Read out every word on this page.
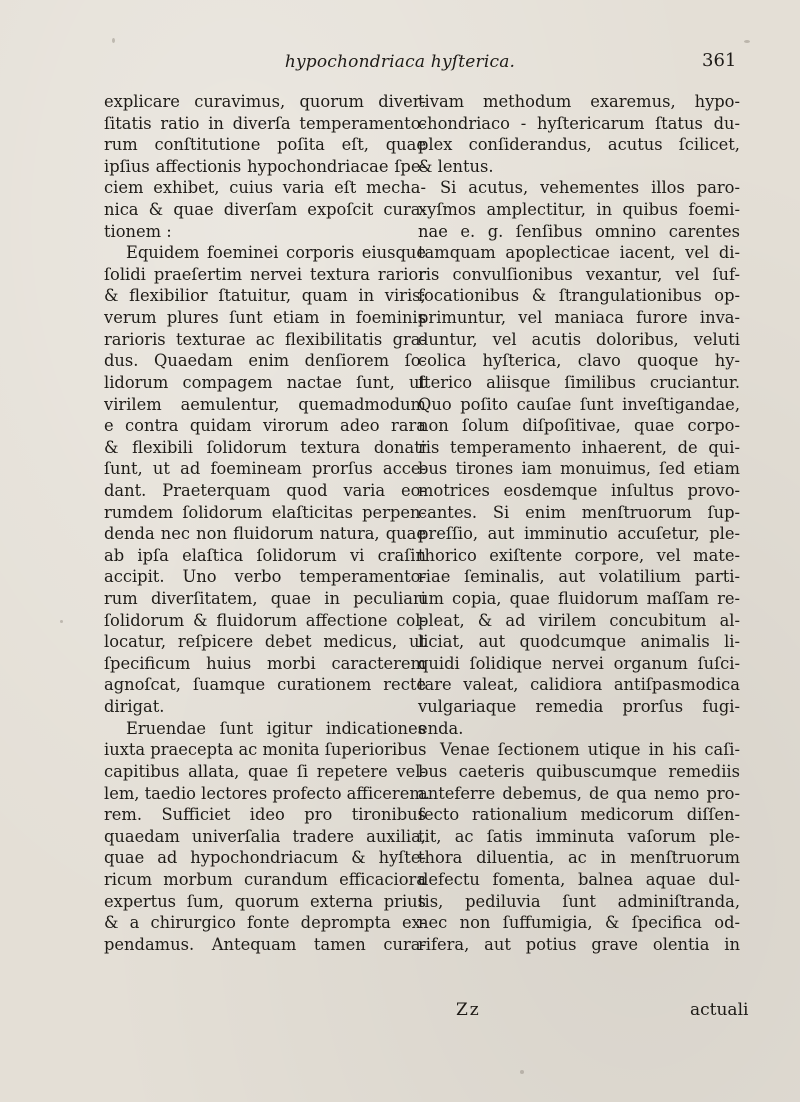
hypochondriaca hyſterica.	361
explicare curavimus, quorum diver-
ſitatis ratio in diverſa temperamento-
rum conſtitutione poſita eſt, quae
ipſius affectionis hypochondriacae ſpe-
ciem exhibet, cuius varia eſt mecha-
nica & quae diverſam expoſcit cura-
tionem :
Equidem foeminei corporis eiusque
ſolidi praeſertim nervei textura rarior
& flexibilior ſtatuitur, quam in viris;
verum plures ſunt etiam in foeminis
rarioris texturae ac flexibilitatis gra-
dus. Quaedam enim denſiorem ſo-
lidorum compagem nactae ſunt, ut
virilem aemulentur, quemadmodum
e contra quidam virorum adeo rara
& flexibili ſolidorum textura donati
ſunt, ut ad foemineam prorſus acce-
dant. Praeterquam quod varia eo-
rumdem ſolidorum elaſticitas perpen-
denda nec non fluidorum natura, quae
ab ipſa elaſtica ſolidorum vi craſin
accipit. Uno verbo temperamento-
rum diverſitatem, quae in peculiari
ſolidorum & fluidorum affectione col-
locatur, reſpicere debet medicus, ut
ſpecificum huius morbi caracterem
agnoſcat, ſuamque curationem recte
dirigat.
Eruendae ſunt igitur indicationes
iuxta praecepta ac monita ſuperioribus
capitibus allata, quae ſi repetere vel-
lem, taedio lectores profecto afficerem.
rem. Sufficiet ideo pro tironibus
quaedam univerſalia tradere auxilia,
quae ad hypochondriacum & hyſte-
ricum morbum curandum efficaciora
expertus ſum, quorum externa prius
& a chirurgico fonte deprompta ex-
pendamus. Antequam tamen cura-
tivam methodum exaremus, hypo-
chondriaco - hyſtericarum ſtatus du-
plex conſiderandus, acutus ſcilicet,
& lentus.
Si acutus, vehementes illos paro-
xyſmos amplectitur, in quibus foemi-
nae e. g. ſenſibus omnino carentes
tamquam apoplecticae iacent, vel di-
ris convulſionibus vexantur, vel ſuf-
focationibus & ſtrangulationibus op-
primuntur, vel maniaca furore inva-
duntur, vel acutis doloribus, veluti
colica hyſterica, clavo quoque hy-
ſterico aliisque ſimilibus cruciantur.
Quo poſito cauſae ſunt inveſtigandae,
non ſolum diſpoſitivae, quae corpo-
ris temperamento inhaerent, de qui-
bus tirones iam monuimus, ſed etiam
motrices eosdemque inſultus provo-
cantes. Si enim menſtruorum ſup-
preſſio, aut imminutio accuſetur, ple-
thorico exiſtente corpore, vel mate-
riae ſeminalis, aut volatilium parti-
um copia, quae fluidorum maſſam re-
pleat, & ad virilem concubitum al-
liciat, aut quodcumque animalis li-
quidi ſolidique nervei organum ſuſci-
tare valeat, calidiora antiſpasmodica
vulgariaque remedia prorſus fugi-
enda.
Venae ſectionem utique in his caſi-
bus caeteris quibuscumque remediis
anteferre debemus, de qua nemo pro-
fecto rationalium medicorum diſſen-
tit, ac ſatis imminuta vaſorum ple-
thora diluentia, ac in menſtruorum
defectu fomenta, balnea aquae dul-
tis, pediluvia ſunt adminiſtranda,
nec non ſuffumigia, & ſpecifica od-
rifera, aut potius grave olentia in
Zz	actuali
